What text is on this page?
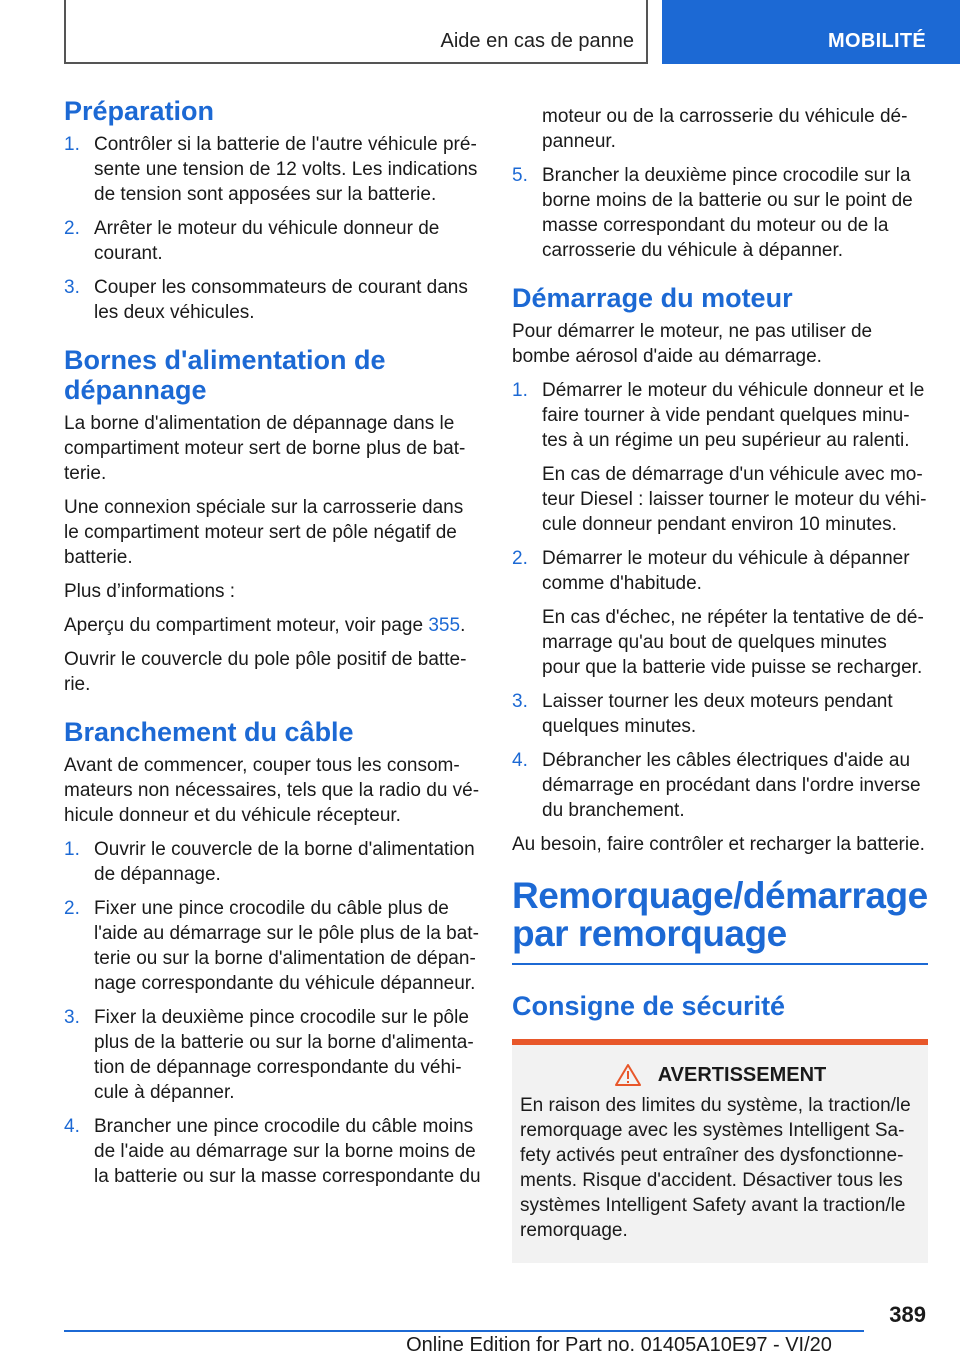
Aide en cas de panne	MOBILITÉ
Préparation
1. Contrôler si la batterie de l'autre véhicule présente une tension de 12 volts. Les indications de tension sont apposées sur la batterie.
2. Arrêter le moteur du véhicule donneur de courant.
3. Couper les consommateurs de courant dans les deux véhicules.
Bornes d'alimentation de dépannage

La borne d'alimentation de dépannage dans le compartiment moteur sert de borne plus de batterie.

Une connexion spéciale sur la carrosserie dans le compartiment moteur sert de pôle négatif de batterie.

Plus d’informations :

Aperçu du compartiment moteur, voir page 355.

Ouvrir le couvercle du pole pôle positif de batterie.

Branchement du câble

Avant de commencer, couper tous les consommateurs non nécessaires, tels que la radio du véhicule donneur et du véhicule récepteur.

1. Ouvrir le couvercle de la borne d'alimentation de dépannage.
2. Fixer une pince crocodile du câble plus de l'aide au démarrage sur le pôle plus de la batterie ou sur la borne d'alimentation de dépannage correspondante du véhicule dépanneur.
3. Fixer la deuxième pince crocodile sur le pôle plus de la batterie ou sur la borne d'alimentation de dépannage correspondante du véhicule à dépanner.
4. Brancher une pince crocodile du câble moins de l'aide au démarrage sur la borne moins de la batterie ou sur la masse correspondante du

moteur ou de la carrosserie du véhicule dépanneur.

5. Brancher la deuxième pince crocodile sur la borne moins de la batterie ou sur le point de masse correspondant du moteur ou de la carrosserie du véhicule à dépanner.
Démarrage du moteur

Pour démarrer le moteur, ne pas utiliser de bombe aérosol d'aide au démarrage.

1. Démarrer le moteur du véhicule donneur et le faire tourner à vide pendant quelques minutes à un régime un peu supérieur au ralenti.
En cas de démarrage d'un véhicule avec moteur Diesel : laisser tourner le moteur du véhicule donneur pendant environ 10 minutes.
2. Démarrer le moteur du véhicule à dépanner comme d'habitude.
En cas d'échec, ne répéter la tentative de démarrage qu'au bout de quelques minutes pour que la batterie vide puisse se recharger.
3. Laisser tourner les deux moteurs pendant quelques minutes.
4. Débrancher les câbles électriques d'aide au démarrage en procédant dans l'ordre inverse du branchement.

Au besoin, faire contrôler et recharger la batterie.

Remorquage/démarrage par remorquage
Consigne de sécurité
AVERTISSEMENT
En raison des limites du système, la traction/le remorquage avec les systèmes Intelligent Safety activés peut entraîner des dysfonctionnements. Risque d'accident. Désactiver tous les systèmes Intelligent Safety avant la traction/le remorquage.
389
Online Edition for Part no. 01405A10E97 - VI/20
